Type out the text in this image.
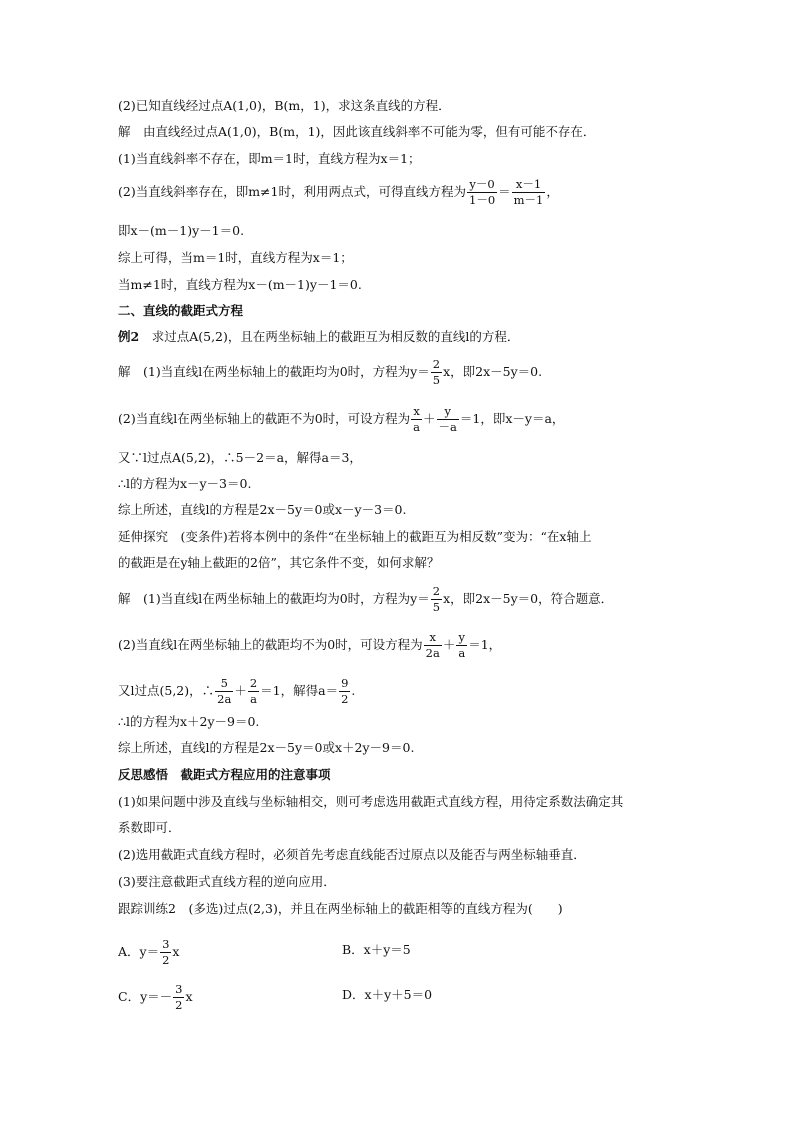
(2)已知直线经过点A(1,0)，B(m，1)，求这条直线的方程．
解　由直线经过点A(1,0)，B(m，1)，因此该直线斜率不可能为零，但有可能不存在．
(1)当直线斜率不存在，即m＝1时，直线方程为x＝1；
(2)当直线斜率存在，即m≠1时，利用两点式，可得直线方程为 $\frac{y-0}{1-0} = \frac{x-1}{m-1}$ ，
即x－(m－1)y－1＝0.
综上可得，当m＝1时，直线方程为x＝1；
当m≠1时，直线方程为x－(m－1)y－1＝0.
二、直线的截距式方程
例2　 求过点A(5,2)，且在两坐标轴上的截距互为相反数的直线l的方程．
解　(1)当直线l在两坐标轴上的截距均为0时，方程为$y= \frac{2}{5}$ x，即2x－5y＝0.
(2)当直线l在两坐标轴上的截距不为0时，可设方程为 $\frac{x}{a} + \frac{y}{-a} =1$，即x－y＝a，
又∵l过点A(5,2)，∴5－2＝a，解得a＝3，
∴l的方程为x－y－3＝0.
综上所述，直线l的方程是2x－5y＝0或x－y－3＝0.
延伸探究　(变条件)若将本例中的条件“在坐标轴上的截距互为相反数”变为：“在x轴上
的截距是在y轴上截距的2倍”，其它条件不变，如何求解？
解　(1)当直线l在两坐标轴上的截距均为0时，方程为$y= \frac{2}{5}$ x，即2x－5y＝0，符合题意．
(2)当直线l在两坐标轴上的截距均不为0时，可设方程为 $\frac{x}{2a} + \frac{y}{a} =1$，
又l过点(5,2)，∴ $\frac{5}{2a} + \frac{2}{a} =1$，解得$a= \frac{9}{2}$ .
∴l的方程为x＋2y－9＝0.
综上所述，直线l的方程是2x－5y＝0或x＋2y－9＝0.
反思感悟　截距式方程应用的注意事项
(1)如果问题中涉及直线与坐标轴相交，则可考虑选用截距式直线方程，用待定系数法确定其
系数即可．
(2)选用截距式直线方程时，必须首先考虑直线能否过原点以及能否与两坐标轴垂直．
(3)要注意截距式直线方程的逆向应用．
跟踪训练2　(多选)过点(2,3)，并且在两坐标轴上的截距相等的直线方程为(　　)
A．$y= \frac{3}{2}$ x	B．x＋y＝5
C．$y=- \frac{3}{2}$ x	D．x＋y＋5＝0
